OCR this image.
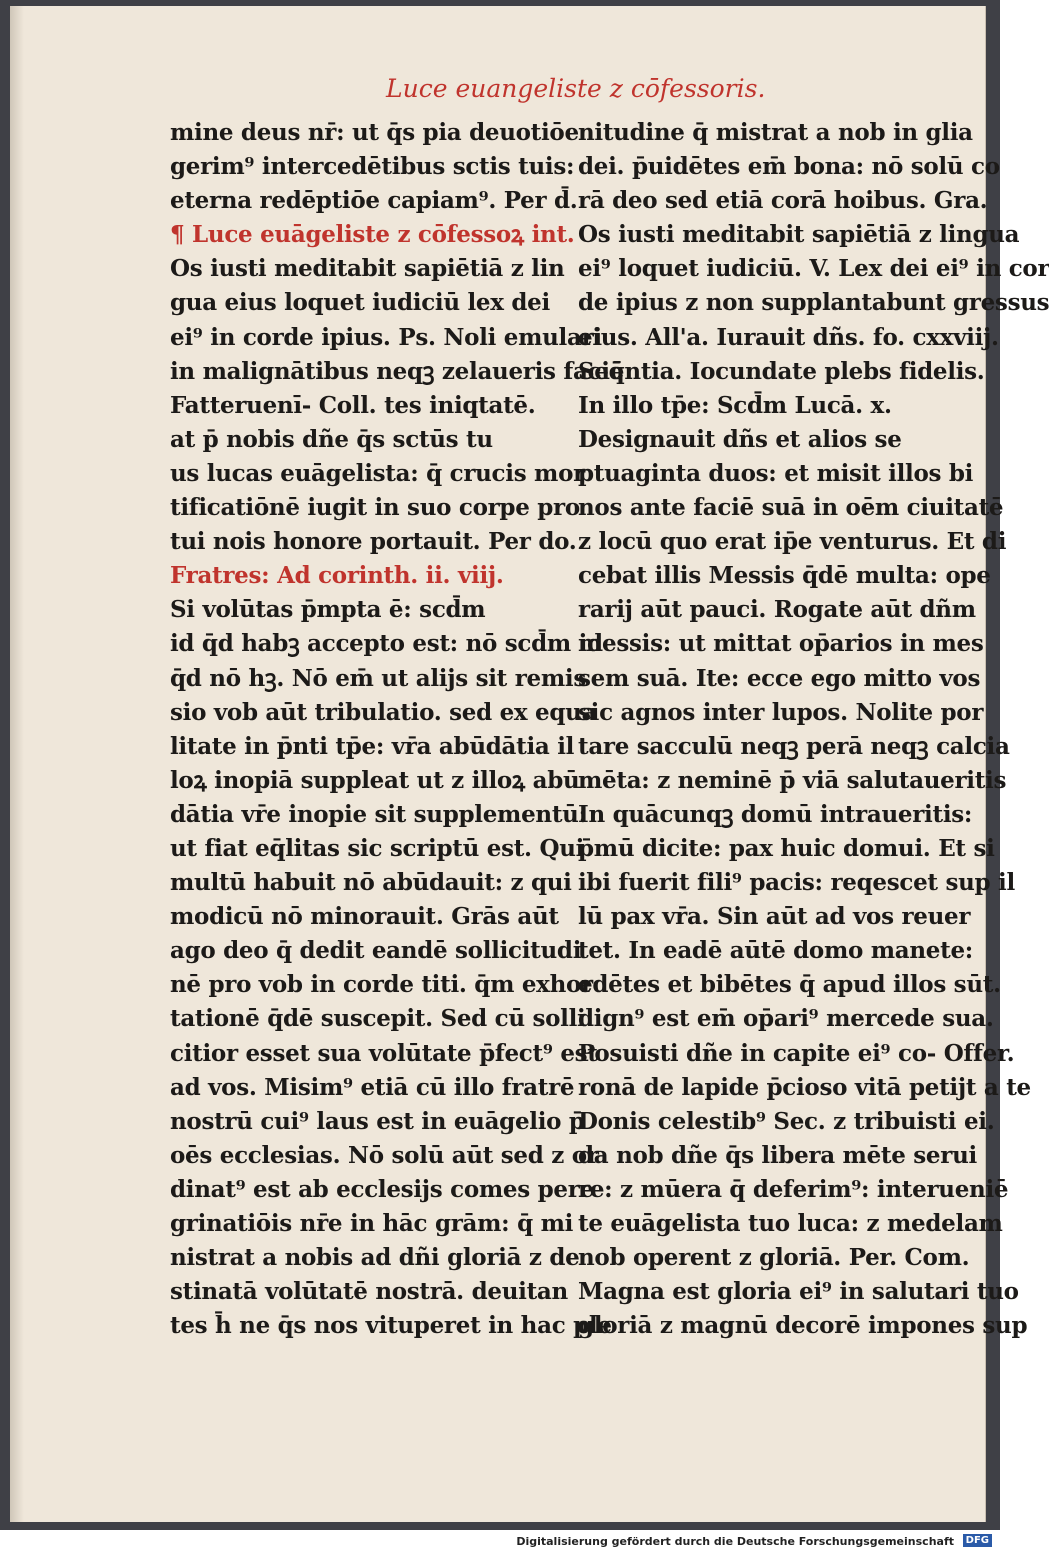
Luce euangeliste z cōfessoris.
mine deus nr̄: ut q̄s pia deuotiōe
gerim⁹ intercedētibus sctis tuis:
eterna redēptiōe capiam⁹. Per d̄.
¶ Luce euāgeliste z cōfessoꝝ int.
Os iusti meditabit sapiētiā z lin
gua eius loquet iudiciū lex dei
ei⁹ in corde ipius. Ps. Noli emulari
in malignātibus neqꝫ zelaueris faciē
Fatteruenī- Coll. tes iniqtatē.
at p̄ nobis dñe q̄s sctūs tu
us lucas euāgelista: q̄ crucis mor
tificatiōnē iugit in suo corpe pro
tui nois honore portauit. Per do.
Fratres: Ad corinth. ii. viij.
Si volūtas p̄mpta ē: scd̄m
id q̄d habꝫ accepto est: nō scd̄m id
q̄d nō hꝫ. Nō em̄ ut alijs sit remis
sio vob aūt tribulatio. sed ex equa
litate in p̄nti tp̄e: vr̄a abūdātia il
loꝝ inopiā suppleat ut z illoꝝ abū
dātia vr̄e inopie sit supplementū:
ut fiat eq̄litas sic scriptū est. Qui
multū habuit nō abūdauit: z qui
modicū nō minorauit. Grās aūt
ago deo q̄ dedit eandē sollicitudi
nē pro vob in corde titi. q̄m exhor
tationē q̄dē suscepit. Sed cū solli
citior esset sua volūtate p̄fect⁹ est
ad vos. Misim⁹ etiā cū illo fratrē
nostrū cui⁹ laus est in euāgelio p̄
oēs ecclesias. Nō solū aūt sed z or
dinat⁹ est ab ecclesijs comes pere
grinatiōis nr̄e in hāc grām: q̄ mi
nistrat a nobis ad dñi gloriā z de
stinatā volūtatē nostrā. deuitan
tes h̄ ne q̄s nos vituperet in hac ple
nitudine q̄ mistrat a nob in glia
dei. p̄uidētes em̄ bona: nō solū co
rā deo sed etiā corā hoibus. Gra.
Os iusti meditabit sapiētiā z lingua
ei⁹ loquet iudiciū. V. Lex dei ei⁹ in cor
de ipius z non supplantabunt gressus
eius. All'a. Iurauit dñs. fo. cxxviij.
Seq̄ntia. Iocundate plebs fidelis.
In illo tp̄e: Scd̄m Lucā. x.
Designauit dñs et alios se
ptuaginta duos: et misit illos bi
nos ante faciē suā in oēm ciuitatē
z locū quo erat ip̄e venturus. Et di
cebat illis Messis q̄dē multa: ope
rarij aūt pauci. Rogate aūt dñm
messis: ut mittat op̄arios in mes
sem suā. Ite: ecce ego mitto vos
sic agnos inter lupos. Nolite por
tare sacculū neqꝫ perā neqꝫ calcia
mēta: z neminē p̄ viā salutaueritis
In quācunqꝫ domū intraueritis:
p̄mū dicite: pax huic domui. Et si
ibi fuerit fili⁹ pacis: reqescet sup il
lū pax vr̄a. Sin aūt ad vos reuer
tet. In eadē aūtē domo manete:
edētes et bibētes q̄ apud illos sūt.
dign⁹ est em̄ op̄ari⁹ mercede sua.
Posuisti dñe in capite ei⁹ co- Offer.
ronā de lapide p̄cioso vitā petijt a te
Donis celestib⁹ Sec. z tribuisti ei.
da nob dñe q̄s libera mēte serui
re: z mūera q̄ deferim⁹: interueniē
te euāgelista tuo luca: z medelam
nob operent z gloriā. Per. Com.
Magna est gloria ei⁹ in salutari tuo
gloriā z magnū decorē impones sup
Digitalisierung gefördert durch die Deutsche Forschungsgemeinschaft	DFG
